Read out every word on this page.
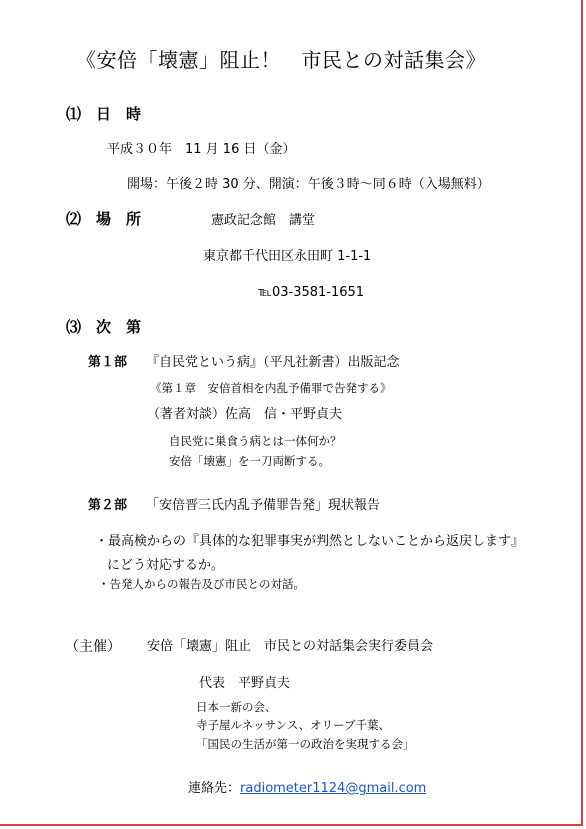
《安倍「壊憲」阻止！　市民との対話集会》
⑴　日　時
平成３０年　11 月 16 日（金）
開場：午後２時 30 分、開演：午後３時～同６時（入場無料）
⑵　場　所	憲政記念館　講堂
東京都千代田区永田町 1-1-1
℡03-3581-1651
⑶　次　第
第１部 『自民党という病』（平凡社新書）出版記念
《第１章　安倍首相を内乱予備罪で告発する》
（著者対談）佐高　信・平野貞夫
自民党に巣食う病とは一体何か？
安倍「壊憲」を一刀両断する。
第２部 「安倍晋三氏内乱予備罪告発」現状報告
・最高検からの『具体的な犯罪事実が判然としないことから返戻します』
にどう対応するか。
・告発人からの報告及び市民との対話。
（主催） 安倍「壊憲」阻止　市民との対話集会実行委員会
代表　平野貞夫
日本一新の会、
寺子屋ルネッサンス、オリーブ千葉、
「国民の生活が第一の政治を実現する会」
連絡先：radiometer1124@gmail.com
